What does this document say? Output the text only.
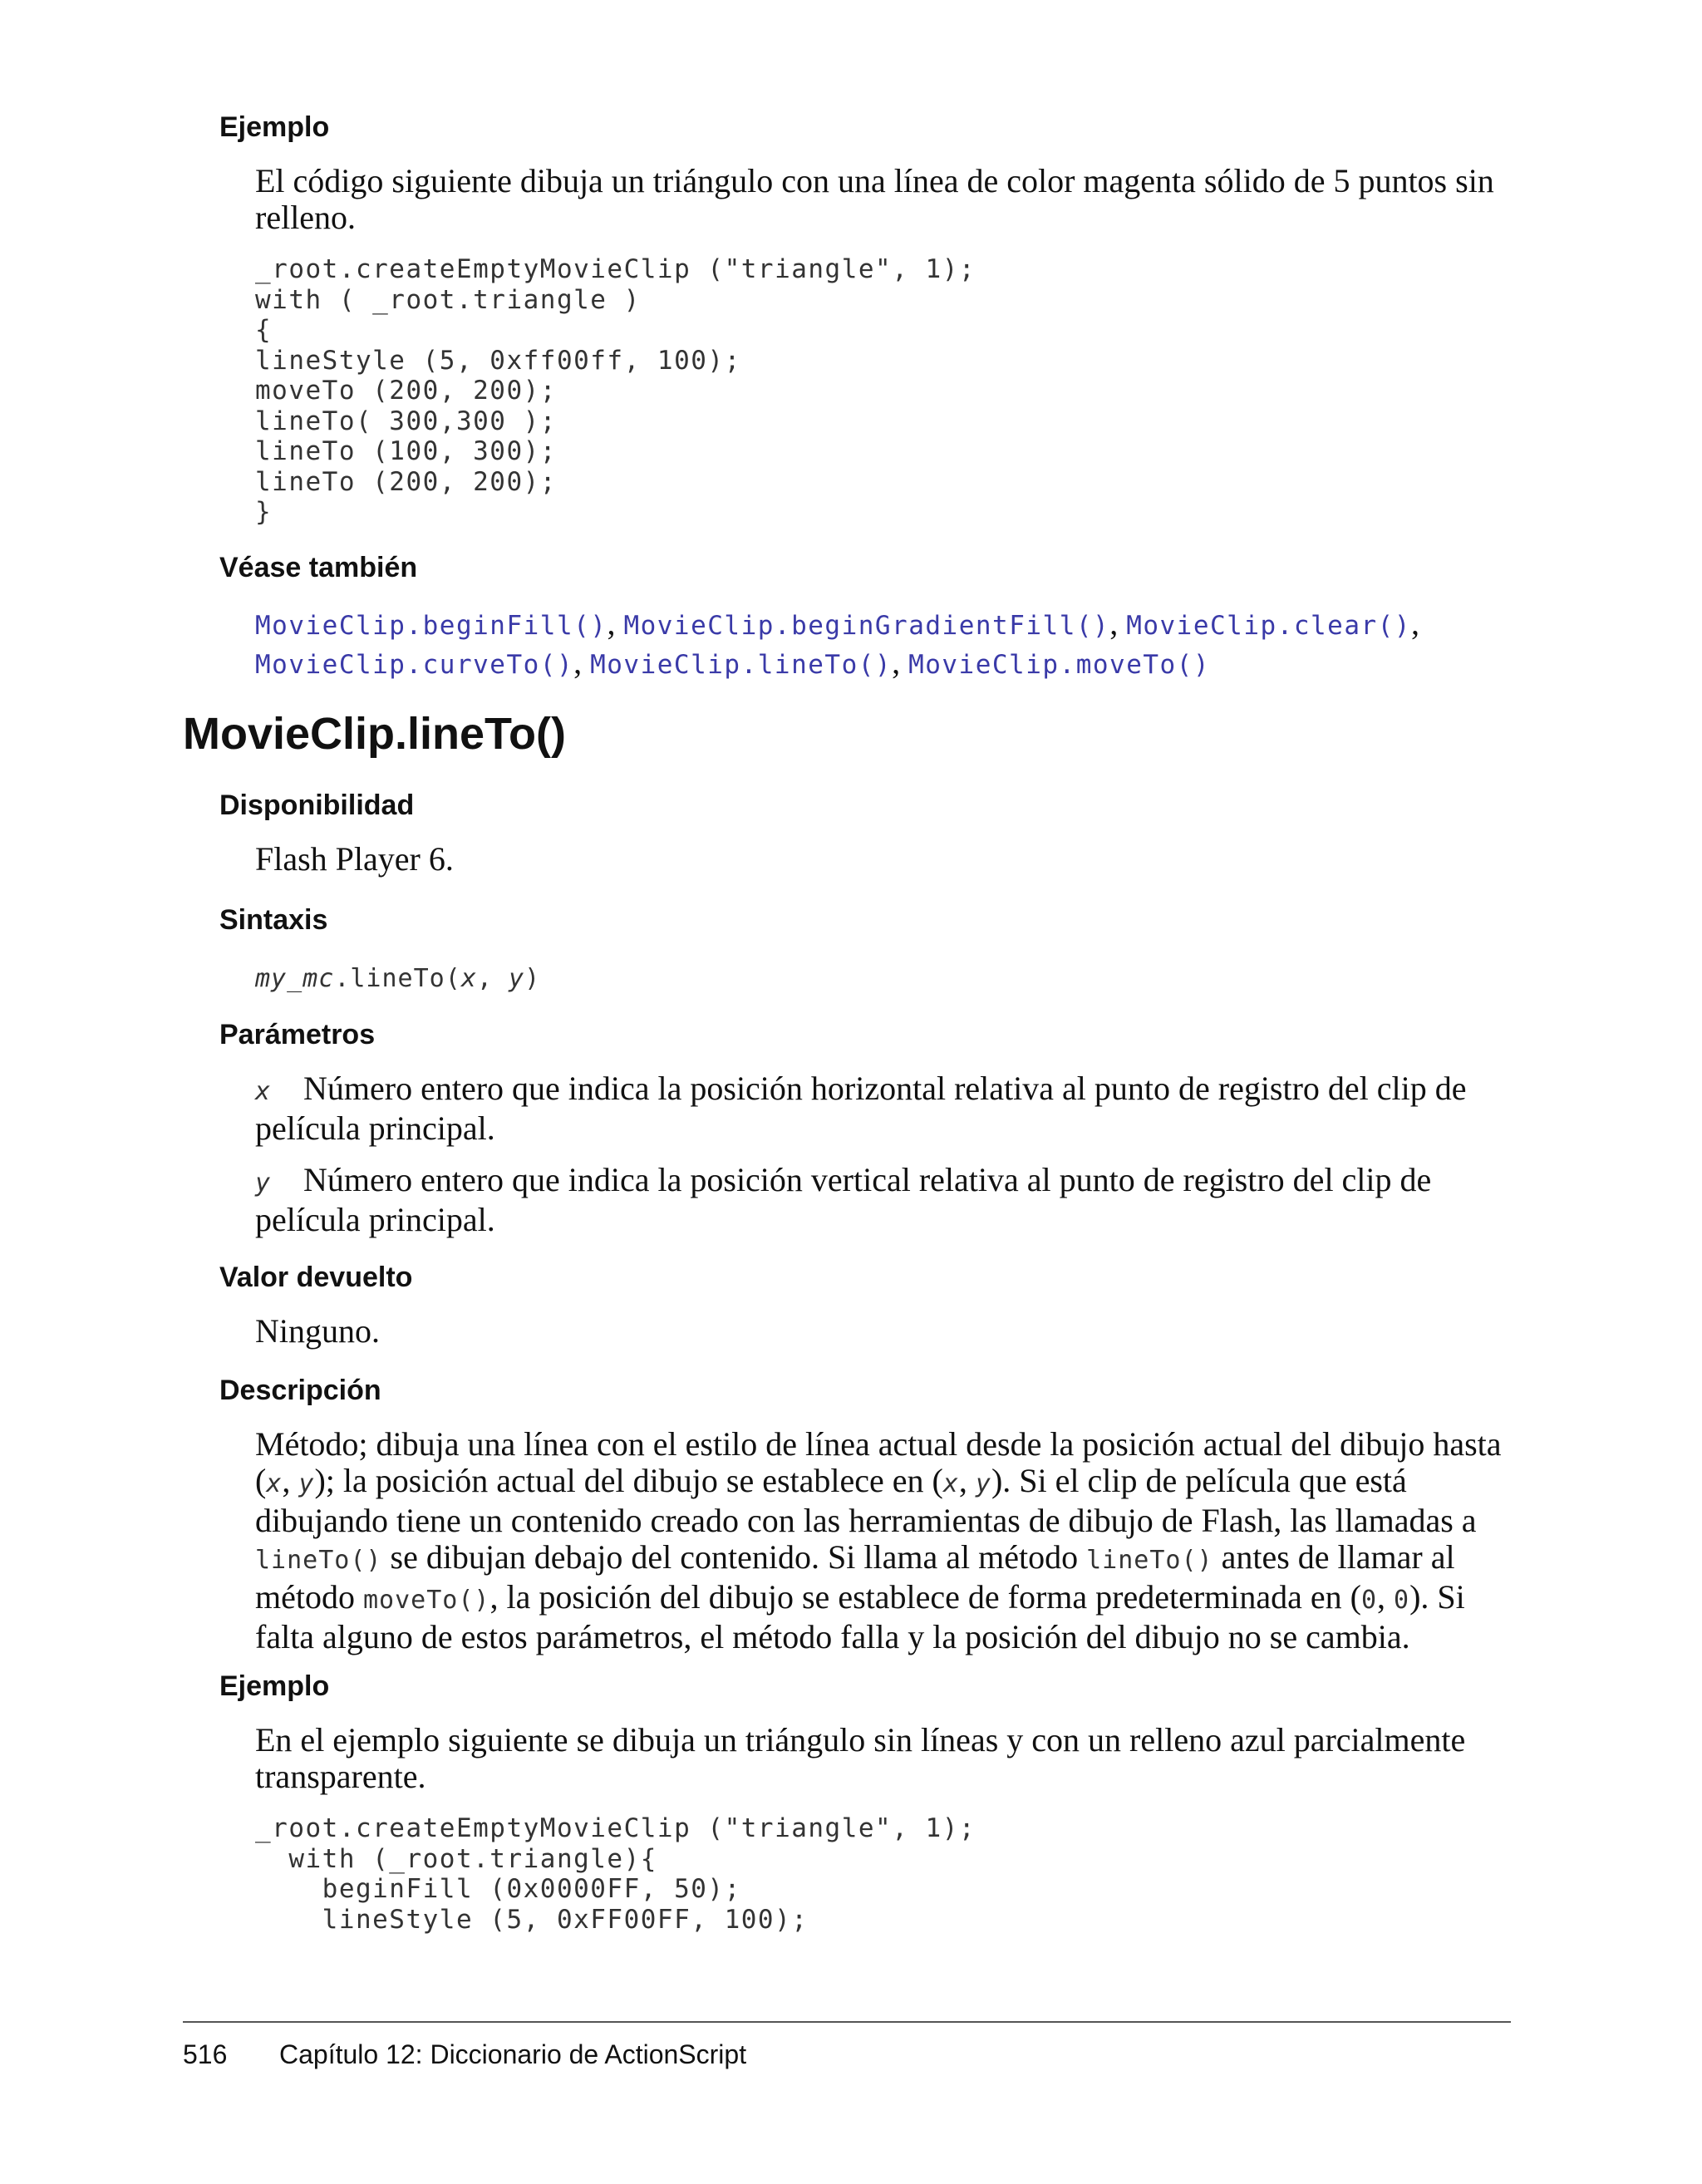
Ejemplo

El código siguiente dibuja un triángulo con una línea de color magenta sólido de 5 puntos sin relleno.

_root.createEmptyMovieClip ("triangle", 1);
with ( _root.triangle )
{
lineStyle (5, 0xff00ff, 100);
moveTo (200, 200);
lineTo( 300,300 );
lineTo (100, 300);
lineTo (200, 200);
}
Véase también

MovieClip.beginFill(), MovieClip.beginGradientFill(), MovieClip.clear(),
MovieClip.curveTo(), MovieClip.lineTo(), MovieClip.moveTo()

MovieClip.lineTo()
Disponibilidad

Flash Player 6.

Sintaxis

my_mc.lineTo(x, y)

Parámetros

x Número entero que indica la posición horizontal relativa al punto de registro del clip de película principal.

y Número entero que indica la posición vertical relativa al punto de registro del clip de película principal.

Valor devuelto

Ninguno.

Descripción

Método; dibuja una línea con el estilo de línea actual desde la posición actual del dibujo hasta (x, y); la posición actual del dibujo se establece en (x, y). Si el clip de película que está dibujando tiene un contenido creado con las herramientas de dibujo de Flash, las llamadas a lineTo() se dibujan debajo del contenido. Si llama al método lineTo() antes de llamar al método moveTo(), la posición del dibujo se establece de forma predeterminada en (0, 0). Si falta alguno de estos parámetros, el método falla y la posición del dibujo no se cambia.

Ejemplo

En el ejemplo siguiente se dibuja un triángulo sin líneas y con un relleno azul parcialmente transparente.

_root.createEmptyMovieClip ("triangle", 1);
with (_root.triangle){
beginFill (0x0000FF, 50);
lineStyle (5, 0xFF00FF, 100);

516 Capítulo 12: Diccionario de ActionScript
